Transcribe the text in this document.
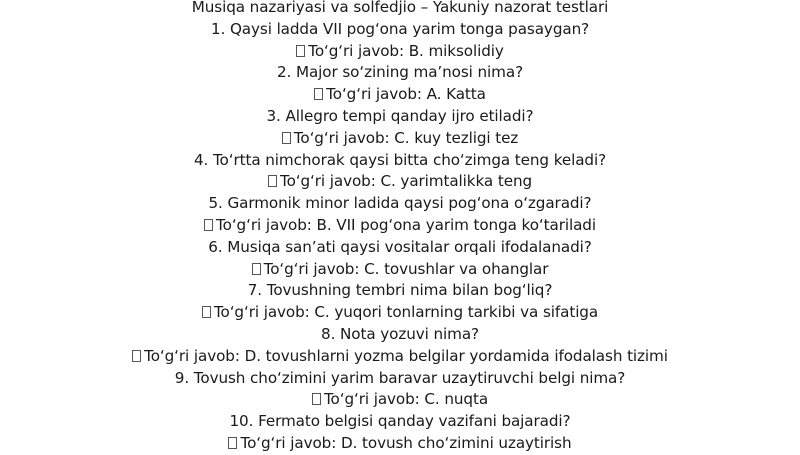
Musiqa nazariyasi va solfedjio – Yakuniy nazorat testlari
1. Qaysi ladda VII pog‘ona yarim tonga pasaygan?
To‘g‘ri javob: B. miksolidiy
2. Major so‘zining ma’nosi nima?
To‘g‘ri javob: A. Katta
3. Allegro tempi qanday ijro etiladi?
To‘g‘ri javob: C. kuy tezligi tez
4. To‘rtta nimchorak qaysi bitta cho‘zimga teng keladi?
To‘g‘ri javob: C. yarimtalikka teng
5. Garmonik minor ladida qaysi pog‘ona o‘zgaradi?
To‘g‘ri javob: B. VII pog‘ona yarim tonga ko‘tariladi
6. Musiqa san’ati qaysi vositalar orqali ifodalanadi?
To‘g‘ri javob: C. tovushlar va ohanglar
7. Tovushning tembri nima bilan bog‘liq?
To‘g‘ri javob: C. yuqori tonlarning tarkibi va sifatiga
8. Nota yozuvi nima?
To‘g‘ri javob: D. tovushlarni yozma belgilar yordamida ifodalash tizimi
9. Tovush cho‘zimini yarim baravar uzaytiruvchi belgi nima?
To‘g‘ri javob: C. nuqta
10. Fermato belgisi qanday vazifani bajaradi?
To‘g‘ri javob: D. tovush cho‘zimini uzaytirish
